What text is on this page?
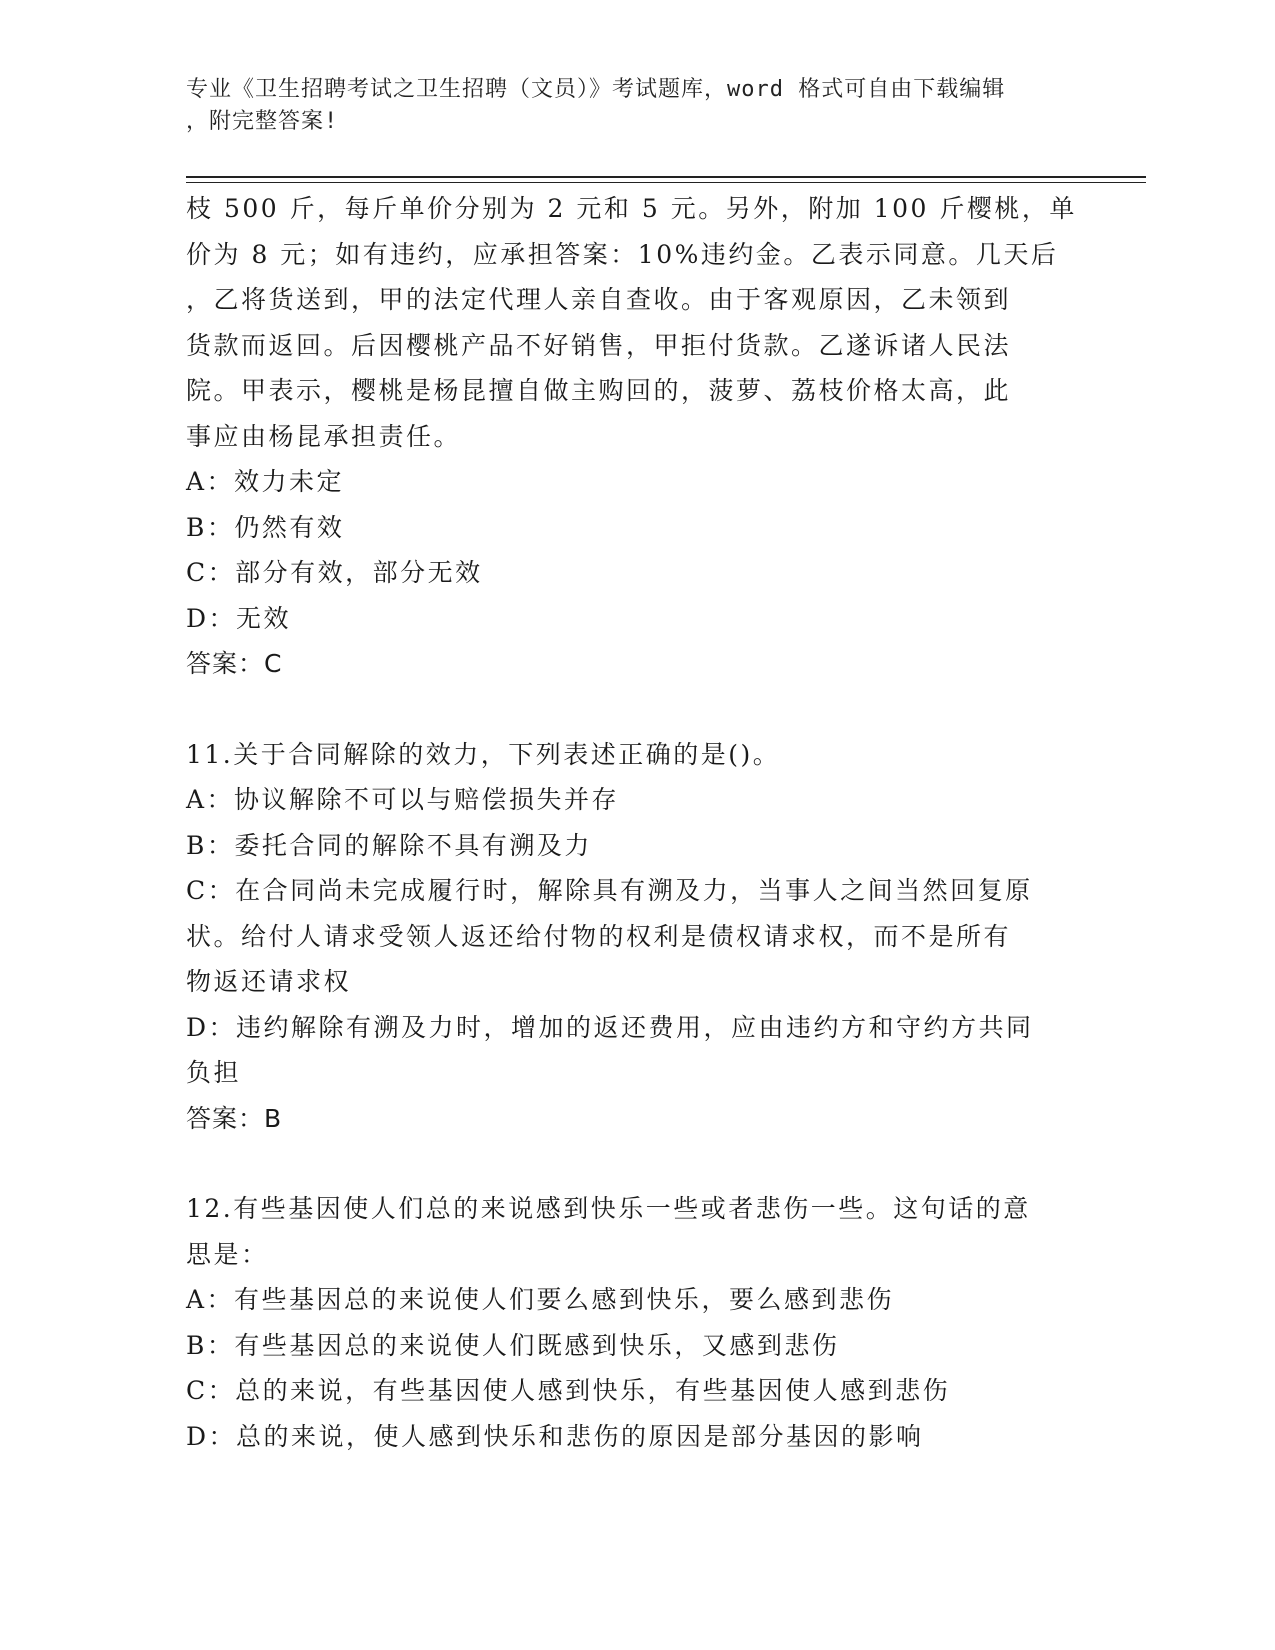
专业《卫生招聘考试之卫生招聘（文员）》考试题库，word 格式可自由下载编辑
，附完整答案!
枝 500 斤，每斤单价分别为 2 元和 5 元。另外，附加 100 斤樱桃，单
价为 8 元；如有违约，应承担答案：10%违约金。乙表示同意。几天后
，乙将货送到，甲的法定代理人亲自查收。由于客观原因，乙未领到
货款而返回。后因樱桃产品不好销售，甲拒付货款。乙遂诉诸人民法
院。甲表示，樱桃是杨昆擅自做主购回的，菠萝、荔枝价格太高，此
事应由杨昆承担责任。
A：效力未定
B：仍然有效
C：部分有效，部分无效
D：无效
答案：C
11.关于合同解除的效力，下列表述正确的是()。
A：协议解除不可以与赔偿损失并存
B：委托合同的解除不具有溯及力
C：在合同尚未完成履行时，解除具有溯及力，当事人之间当然回复原
状。给付人请求受领人返还给付物的权利是债权请求权，而不是所有
物返还请求权
D：违约解除有溯及力时，增加的返还费用，应由违约方和守约方共同
负担
答案：B
12.有些基因使人们总的来说感到快乐一些或者悲伤一些。这句话的意
思是：
A：有些基因总的来说使人们要么感到快乐，要么感到悲伤
B：有些基因总的来说使人们既感到快乐，又感到悲伤
C：总的来说，有些基因使人感到快乐，有些基因使人感到悲伤
D：总的来说，使人感到快乐和悲伤的原因是部分基因的影响
